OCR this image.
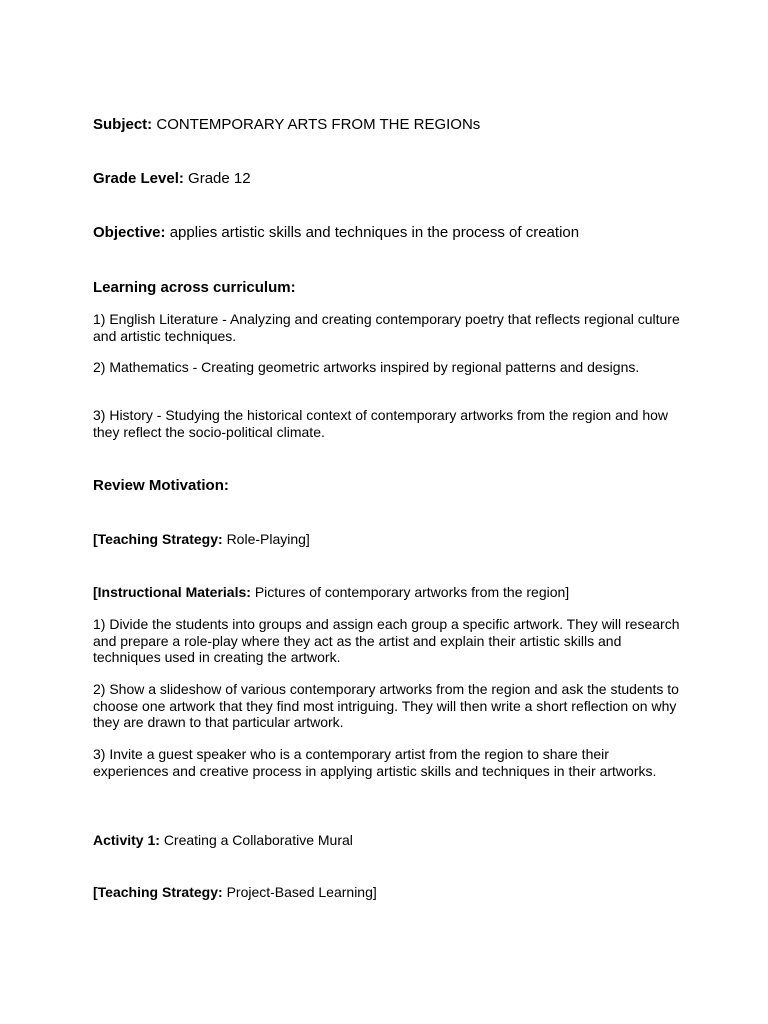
Subject: CONTEMPORARY ARTS FROM THE REGIONs
Grade Level: Grade 12
Objective: applies artistic skills and techniques in the process of creation
Learning across curriculum:
1) English Literature - Analyzing and creating contemporary poetry that reflects regional culture and artistic techniques.
2) Mathematics - Creating geometric artworks inspired by regional patterns and designs.
3) History - Studying the historical context of contemporary artworks from the region and how they reflect the socio-political climate.
Review Motivation:
[Teaching Strategy: Role-Playing]
[Instructional Materials: Pictures of contemporary artworks from the region]
1) Divide the students into groups and assign each group a specific artwork. They will research and prepare a role-play where they act as the artist and explain their artistic skills and techniques used in creating the artwork.
2) Show a slideshow of various contemporary artworks from the region and ask the students to choose one artwork that they find most intriguing. They will then write a short reflection on why they are drawn to that particular artwork.
3) Invite a guest speaker who is a contemporary artist from the region to share their experiences and creative process in applying artistic skills and techniques in their artworks.
Activity 1: Creating a Collaborative Mural
[Teaching Strategy: Project-Based Learning]
